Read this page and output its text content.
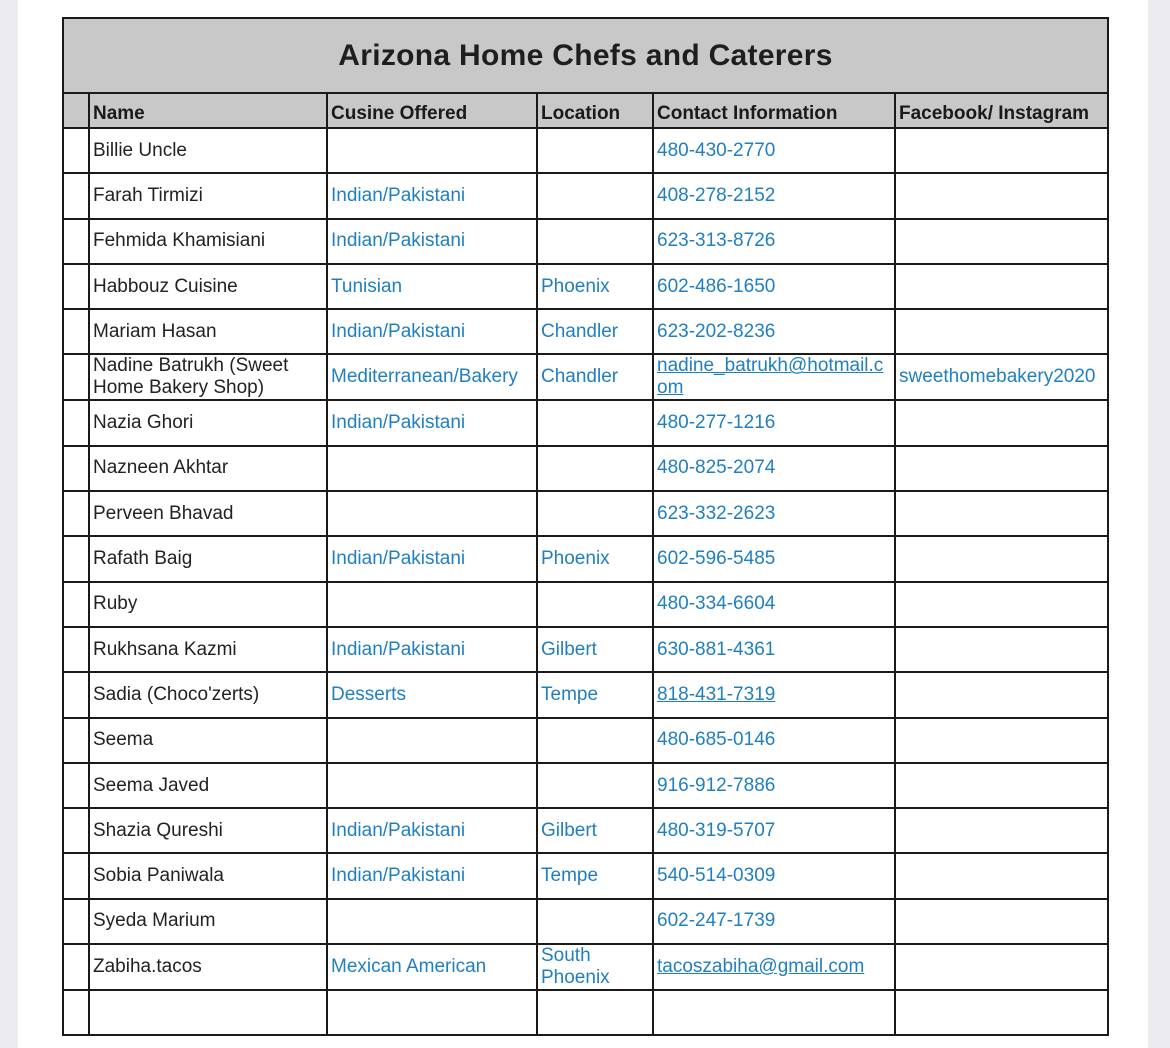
Arizona Home Chefs and Caterers					
	Name	Cusine Offered	Location	Contact Information	Facebook/ Instagram
	Billie Uncle			480-430-2770	
	Farah Tirmizi	Indian/Pakistani		408-278-2152	
	Fehmida Khamisiani	Indian/Pakistani		623-313-8726	
	Habbouz Cuisine	Tunisian	Phoenix	602-486-1650	
	Mariam Hasan	Indian/Pakistani	Chandler	623-202-8236	
	Nadine Batrukh (Sweet Home Bakery Shop)	Mediterranean/Bakery	Chandler	nadine_batrukh@hotmail.com	sweethomebakery2020
	Nazia Ghori	Indian/Pakistani		480-277-1216	
	Nazneen Akhtar			480-825-2074	
	Perveen Bhavad			623-332-2623	
	Rafath Baig	Indian/Pakistani	Phoenix	602-596-5485	
	Ruby			480-334-6604	
	Rukhsana Kazmi	Indian/Pakistani	Gilbert	630-881-4361	
	Sadia (Choco'zerts)	Desserts	Tempe	818-431-7319	
	Seema			480-685-0146	
	Seema Javed			916-912-7886	
	Shazia Qureshi	Indian/Pakistani	Gilbert	480-319-5707	
	Sobia Paniwala	Indian/Pakistani	Tempe	540-514-0309	
	Syeda Marium			602-247-1739	
	Zabiha.tacos	Mexican American	South Phoenix	tacoszabiha@gmail.com	
